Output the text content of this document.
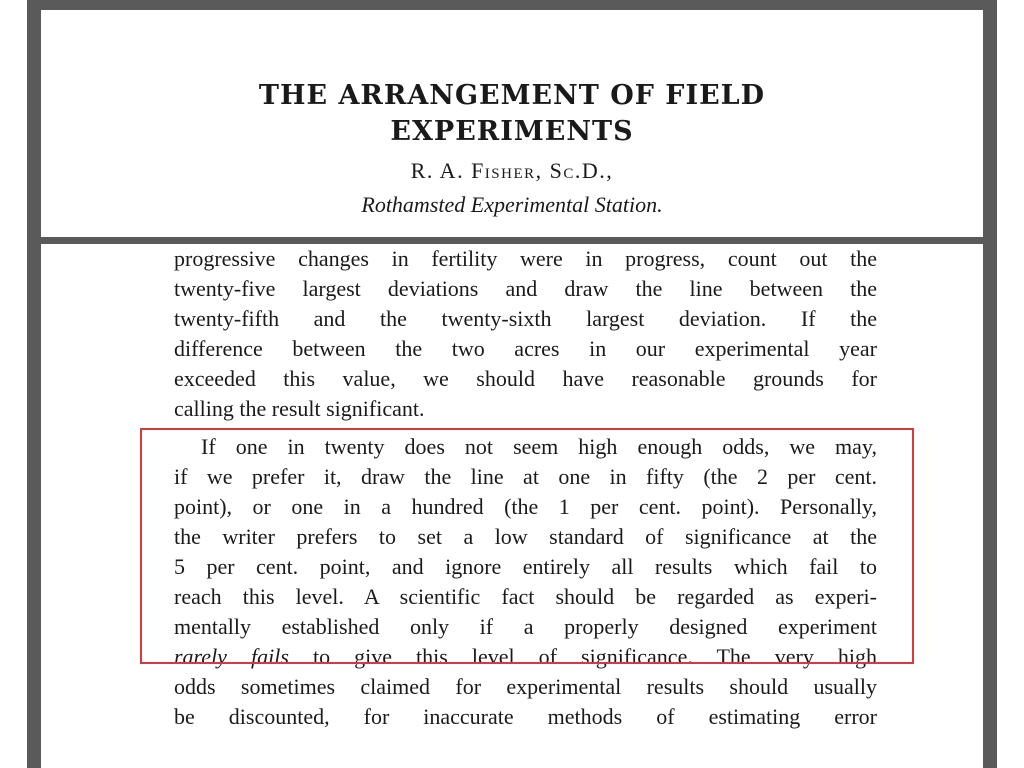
THE ARRANGEMENT OF FIELD
EXPERIMENTS
R. A. Fisher, Sc.D.,
Rothamsted Experimental Station.
progressive changes in fertility were in progress, count out the
twenty-five largest deviations and draw the line between the
twenty-fifth and the twenty-sixth largest deviation. If the
difference between the two acres in our experimental year
exceeded this value, we should have reasonable grounds for
calling the result significant.
If one in twenty does not seem high enough odds, we may,
if we prefer it, draw the line at one in fifty (the 2 per cent.
point), or one in a hundred (the 1 per cent. point). Personally,
the writer prefers to set a low standard of significance at the
5 per cent. point, and ignore entirely all results which fail to
reach this level. A scientific fact should be regarded as experi-
mentally established only if a properly designed experiment
rarely fails to give this level of significance. The very high
odds sometimes claimed for experimental results should usually
be discounted, for inaccurate methods of estimating error
